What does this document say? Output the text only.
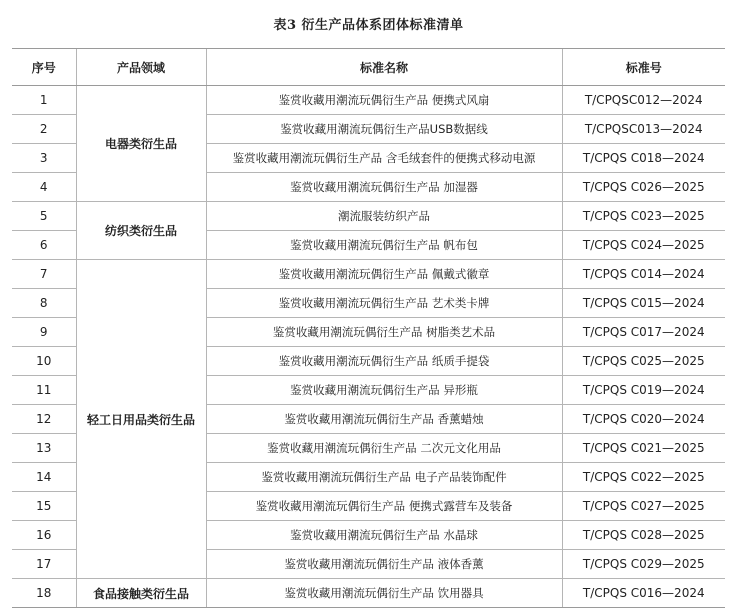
表3 衍生产品体系团体标准清单
序号	产品领域	标准名称	标准号
1	电器类衍生品	鉴赏收藏用潮流玩偶衍生产品 便携式风扇	T/CPQSC012—2024
2		鉴赏收藏用潮流玩偶衍生产品USB数据线	T/CPQSC013—2024
3		鉴赏收藏用潮流玩偶衍生产品 含毛绒套件的便携式移动电源	T/CPQS C018—2024
4		鉴赏收藏用潮流玩偶衍生产品 加湿器	T/CPQS C026—2025
5	纺织类衍生品	潮流服装纺织产品	T/CPQS C023—2025
6		鉴赏收藏用潮流玩偶衍生产品 帆布包	T/CPQS C024—2025
7	轻工日用品类衍生品	鉴赏收藏用潮流玩偶衍生产品 佩戴式徽章	T/CPQS C014—2024
8		鉴赏收藏用潮流玩偶衍生产品 艺术类卡牌	T/CPQS C015—2024
9		鉴赏收藏用潮流玩偶衍生产品 树脂类艺术品	T/CPQS C017—2024
10		鉴赏收藏用潮流玩偶衍生产品 纸质手提袋	T/CPQS C025—2025
11		鉴赏收藏用潮流玩偶衍生产品 异形瓶	T/CPQS C019—2024
12		鉴赏收藏用潮流玩偶衍生产品 香薰蜡烛	T/CPQS C020—2024
13		鉴赏收藏用潮流玩偶衍生产品 二次元文化用品	T/CPQS C021—2025
14		鉴赏收藏用潮流玩偶衍生产品 电子产品装饰配件	T/CPQS C022—2025
15		鉴赏收藏用潮流玩偶衍生产品 便携式露营车及装备	T/CPQS C027—2025
16		鉴赏收藏用潮流玩偶衍生产品 水晶球	T/CPQS C028—2025
17		鉴赏收藏用潮流玩偶衍生产品 液体香薰	T/CPQS C029—2025
18	食品接触类衍生品	鉴赏收藏用潮流玩偶衍生产品 饮用器具	T/CPQS C016—2024
